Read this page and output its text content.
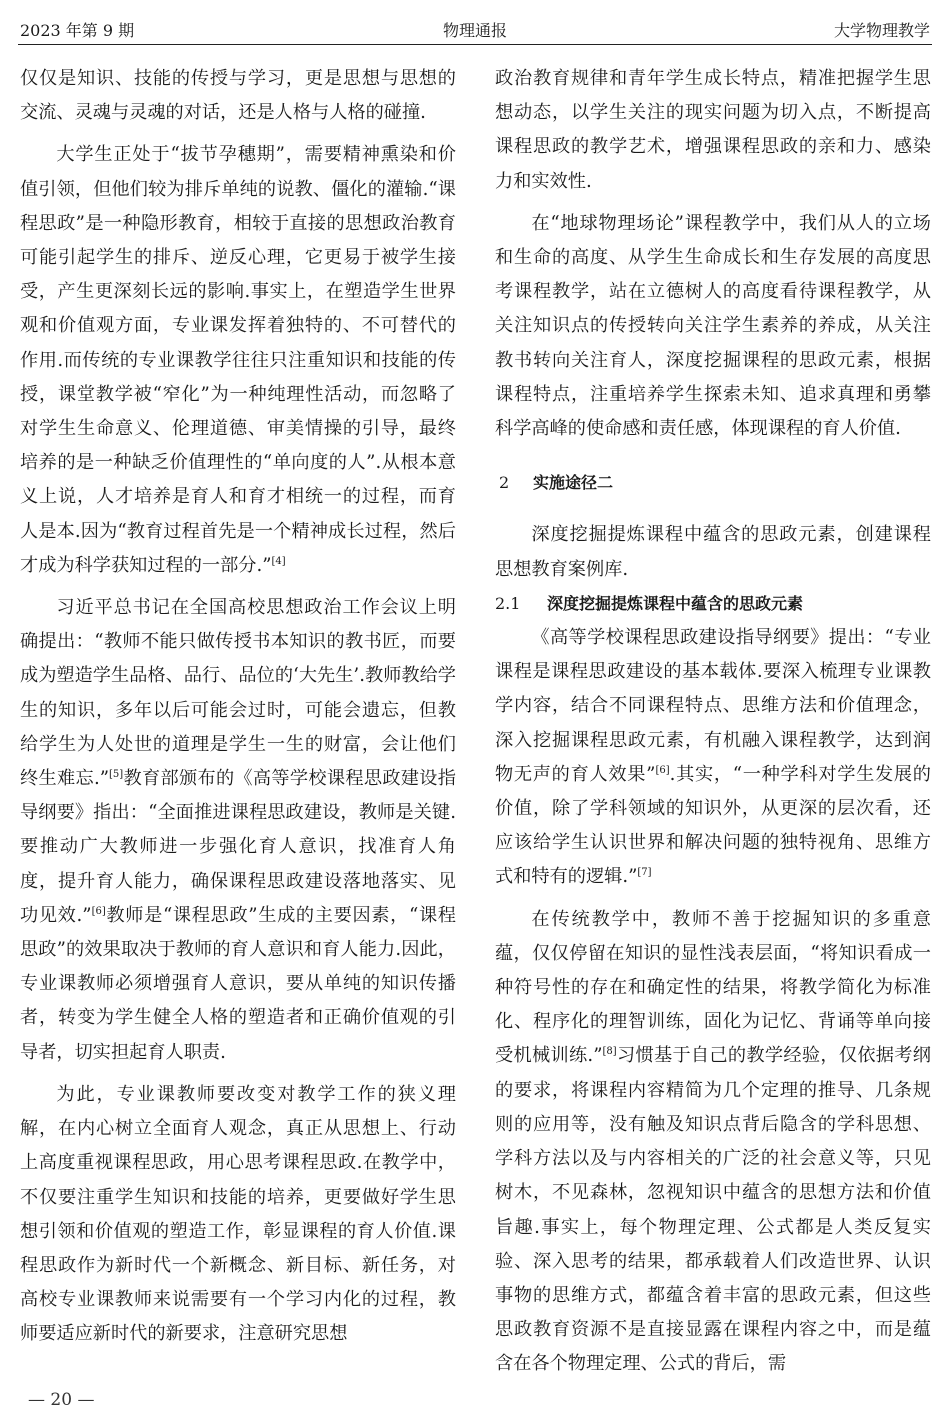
2023 年第 9 期	物理通报	大学物理教学

仅仅是知识、技能的传授与学习，更是思想与思想的交流、灵魂与灵魂的对话，还是人格与人格的碰撞.

大学生正处于“拔节孕穗期”，需要精神熏染和价值引领，但他们较为排斥单纯的说教、僵化的灌输.“课程思政”是一种隐形教育，相较于直接的思想政治教育可能引起学生的排斥、逆反心理，它更易于被学生接受，产生更深刻长远的影响.事实上，在塑造学生世界观和价值观方面，专业课发挥着独特的、不可替代的作用.而传统的专业课教学往往只注重知识和技能的传授，课堂教学被“窄化”为一种纯理性活动，而忽略了对学生生命意义、伦理道德、审美情操的引导，最终培养的是一种缺乏价值理性的“单向度的人”.从根本意义上说，人才培养是育人和育才相统一的过程，而育人是本.因为“教育过程首先是一个精神成长过程，然后才成为科学获知过程的一部分.”[4]

习近平总书记在全国高校思想政治工作会议上明确提出：“教师不能只做传授书本知识的教书匠，而要成为塑造学生品格、品行、品位的‘大先生’.教师教给学生的知识，多年以后可能会过时，可能会遗忘，但教给学生为人处世的道理是学生一生的财富，会让他们终生难忘.”[5]教育部颁布的《高等学校课程思政建设指导纲要》指出：“全面推进课程思政建设，教师是关键.要推动广大教师进一步强化育人意识，找准育人角度，提升育人能力，确保课程思政建设落地落实、见功见效.”[6]教师是“课程思政”生成的主要因素，“课程思政”的效果取决于教师的育人意识和育人能力.因此，专业课教师必须增强育人意识，要从单纯的知识传播者，转变为学生健全人格的塑造者和正确价值观的引导者，切实担起育人职责.

为此，专业课教师要改变对教学工作的狭义理解，在内心树立全面育人观念，真正从思想上、行动上高度重视课程思政，用心思考课程思政.在教学中，不仅要注重学生知识和技能的培养，更要做好学生思想引领和价值观的塑造工作，彰显课程的育人价值.课程思政作为新时代一个新概念、新目标、新任务，对高校专业课教师来说需要有一个学习内化的过程，教师要适应新时代的新要求，注意研究思想

政治教育规律和青年学生成长特点，精准把握学生思想动态，以学生关注的现实问题为切入点，不断提高课程思政的教学艺术，增强课程思政的亲和力、感染力和实效性.

在“地球物理场论”课程教学中，我们从人的立场和生命的高度、从学生生命成长和生存发展的高度思考课程教学，站在立德树人的高度看待课程教学，从关注知识点的传授转向关注学生素养的养成，从关注教书转向关注育人，深度挖掘课程的思政元素，根据课程特点，注重培养学生探索未知、追求真理和勇攀科学高峰的使命感和责任感，体现课程的育人价值.

2 实施途径二

深度挖掘提炼课程中蕴含的思政元素，创建课程思想教育案例库.

2.1 深度挖掘提炼课程中蕴含的思政元素

《高等学校课程思政建设指导纲要》提出：“专业课程是课程思政建设的基本载体.要深入梳理专业课教学内容，结合不同课程特点、思维方法和价值理念，深入挖掘课程思政元素，有机融入课程教学，达到润物无声的育人效果”[6].其实，“一种学科对学生发展的价值，除了学科领域的知识外，从更深的层次看，还应该给学生认识世界和解决问题的独特视角、思维方式和特有的逻辑.”[7]

在传统教学中，教师不善于挖掘知识的多重意蕴，仅仅停留在知识的显性浅表层面，“将知识看成一种符号性的存在和确定性的结果，将教学简化为标准化、程序化的理智训练，固化为记忆、背诵等单向接受机械训练.”[8]习惯基于自己的教学经验，仅依据考纲的要求，将课程内容精简为几个定理的推导、几条规则的应用等，没有触及知识点背后隐含的学科思想、学科方法以及与内容相关的广泛的社会意义等，只见树木，不见森林，忽视知识中蕴含的思想方法和价值旨趣.事实上，每个物理定理、公式都是人类反复实验、深入思考的结果，都承载着人们改造世界、认识事物的思维方式，都蕴含着丰富的思政元素，但这些思政教育资源不是直接显露在课程内容之中，而是蕴含在各个物理定理、公式的背后，需

— 20 —
